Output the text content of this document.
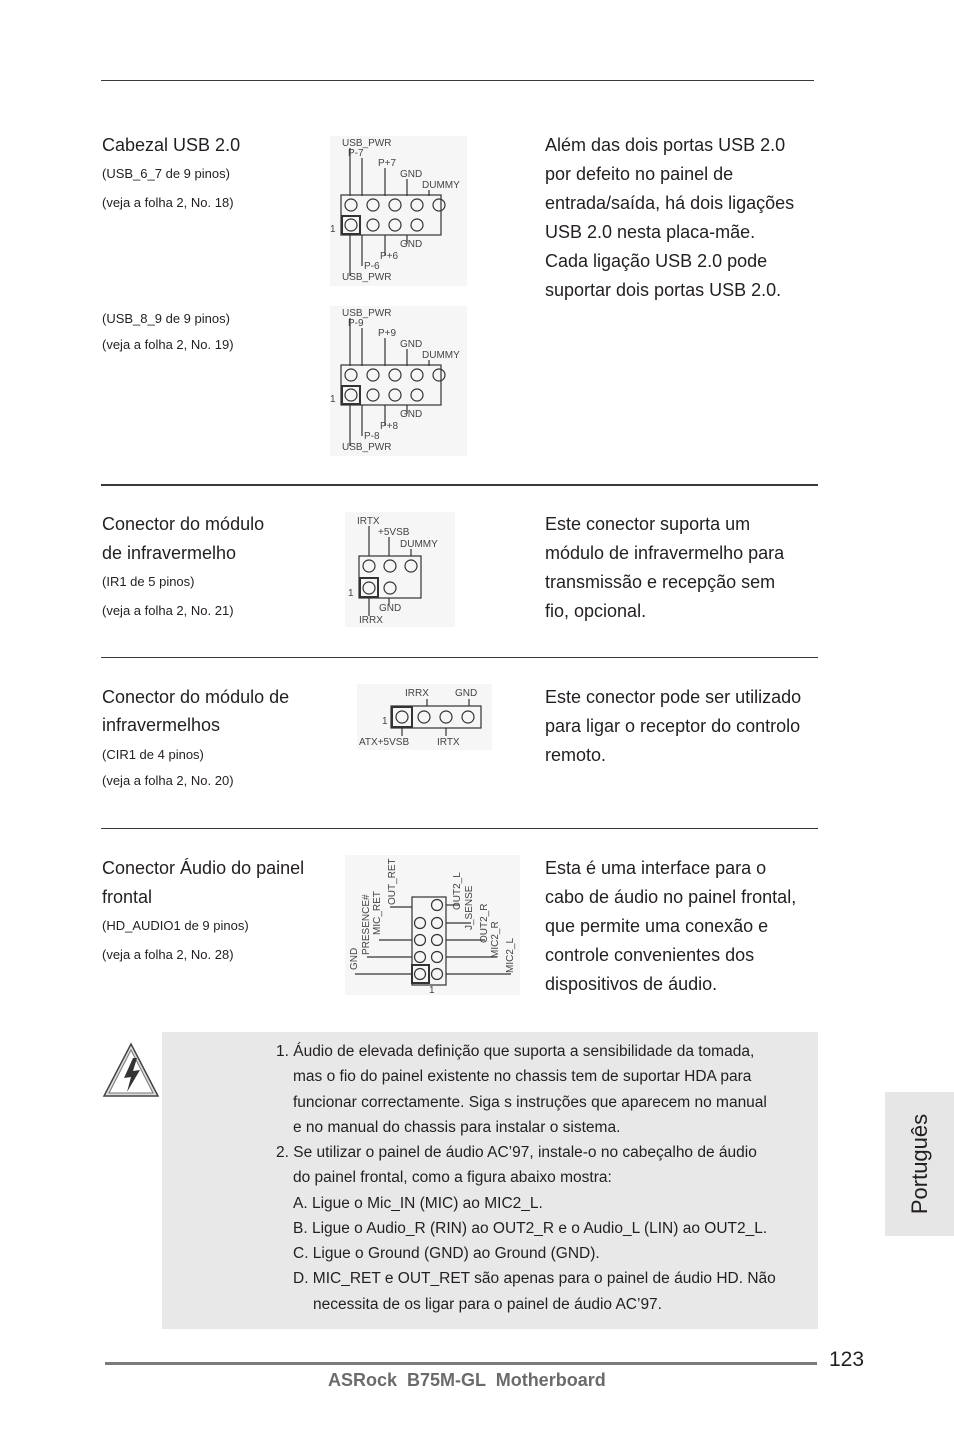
Cabezal USB 2.0
(USB_6_7 de 9 pinos)
(veja a folha 2, No. 18)
(USB_8_9 de 9 pinos)
(veja a folha 2, No. 19)
Além das dois portas USB 2.0
por defeito no painel de
entrada/saída, há dois ligações
USB 2.0 nesta placa-mãe.
Cada ligação USB 2.0 pode
suportar dois portas USB 2.0.
USB_PWR
P-7
P+7
GND
DUMMY
1
GND
P+6
P-6
USB_PWR
USB_PWR
P-9
P+9
GND
DUMMY
1
GND
P+8
P-8
USB_PWR
Conector do módulo
de infravermelho
(IR1 de 5 pinos)
(veja a folha 2, No. 21)
Este conector suporta um
módulo de infravermelho para
transmissão e recepção sem
fio, opcional.
IRTX
+5VSB
DUMMY
1
GND
IRRX
Conector do módulo de
infravermelhos
(CIR1 de 4 pinos)
(veja a folha 2, No. 20)
Este conector pode ser utilizado
para ligar o receptor do controlo
remoto.
IRRX	GND
1
ATX+5VSB	IRTX
Conector Áudio do painel
frontal
(HD_AUDIO1 de 9 pinos)
(veja a folha 2, No. 28)
Esta é uma interface para o
cabo de áudio no painel frontal,
que permite uma conexão e
controle convenientes dos
dispositivos de áudio.
GND
PRESENCE# MIC_RET
OUT_RET	OUT2_L J_SENSE OUT2_R MIC2_R MIC2_L
1
1. Áudio de elevada definição que suporta a sensibilidade da tomada,
mas o fio do painel existente no chassis tem de suportar HDA para
funcionar correctamente. Siga s instruções que aparecem no manual
e no manual do chassis para instalar o sistema.
2. Se utilizar o painel de áudio AC’97, instale-o no cabeçalho de áudio
do painel frontal, como a figura abaixo mostra:
A. Ligue o Mic_IN (MIC) ao MIC2_L.
B. Ligue o Audio_R (RIN) ao OUT2_R e o Audio_L (LIN) ao OUT2_L.
C. Ligue o Ground (GND) ao Ground (GND).
D. MIC_RET e OUT_RET são apenas para o painel de áudio HD. Não
necessita de os ligar para o painel de áudio AC’97.
Português
123
ASRock  B75M-GL  Motherboard
